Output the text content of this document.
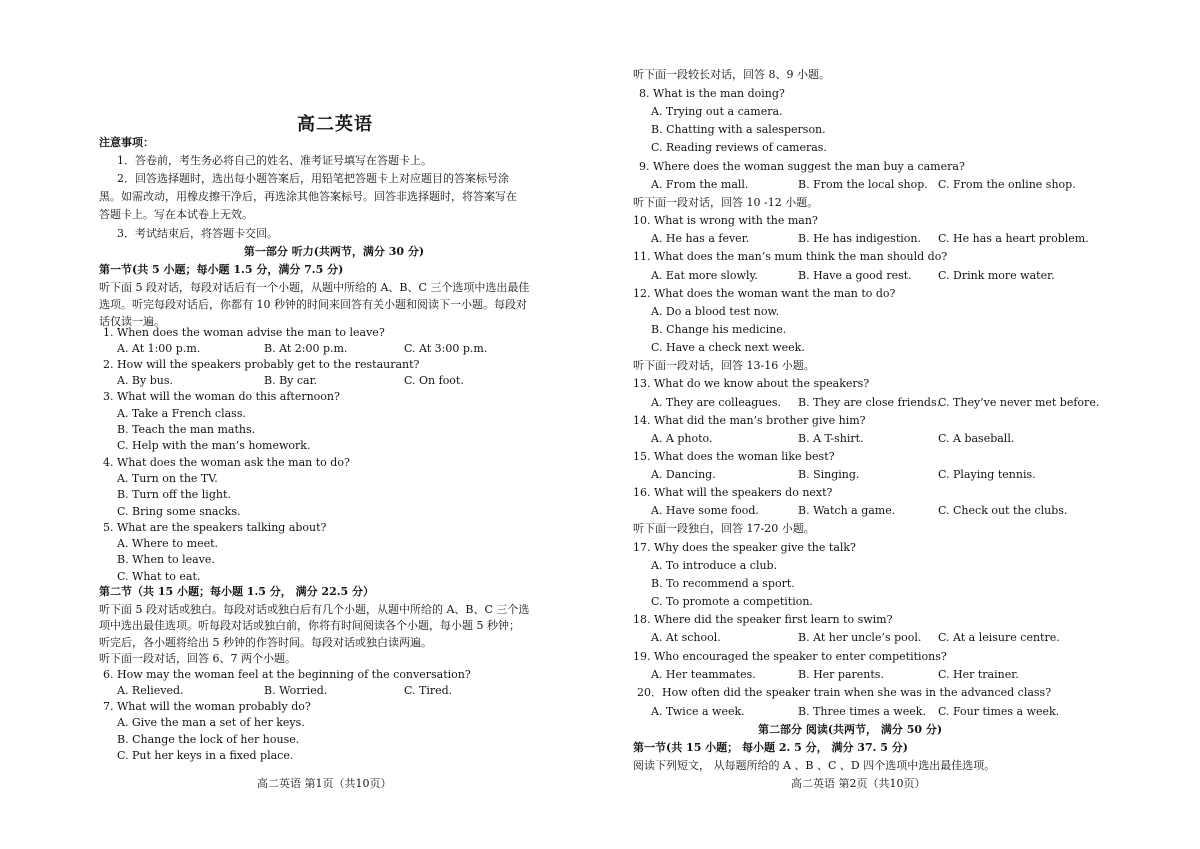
高二英语
注意事项：
1．答卷前，考生务必将自己的姓名、准考证号填写在答题卡上。
2．回答选择题时，选出每小题答案后，用铅笔把答题卡上对应题目的答案标号涂
黑。如需改动，用橡皮擦干净后，再选涂其他答案标号。回答非选择题时，将答案写在
答题卡上。写在本试卷上无效。
3．考试结束后，将答题卡交回。
第一部分 听力(共两节，满分 30 分)
第一节(共 5 小题；每小题 1.5 分，满分 7.5 分)
听下面 5 段对话，每段对话后有一个小题，从题中所给的 A、B、C 三个选项中选出最佳
选项。听完每段对话后，你都有 10 秒钟的时间来回答有关小题和阅读下一小题。每段对
话仅读一遍。
1. When does the woman advise the man to leave?
A. At 1:00 p.m.	B. At 2:00 p.m.	C. At 3:00 p.m.
2. How will the speakers probably get to the restaurant?
A. By bus.	B. By car.	C. On foot.
3. What will the woman do this afternoon?
A. Take a French class.
B. Teach the man maths.
C. Help with the man’s homework.
4. What does the woman ask the man to do?
A. Turn on the TV.
B. Turn off the light.
C. Bring some snacks.
5. What are the speakers talking about?
A. Where to meet.
B. When to leave.
C. What to eat.
第二节（共 15 小题；每小题 1.5 分， 满分 22.5 分）
听下面 5 段对话或独白。每段对话或独白后有几个小题，从题中所给的 A、B、C 三个选
项中选出最佳选项。听每段对话或独白前，你将有时间阅读各个小题，每小题 5 秒钟；
听完后，各小题将给出 5 秒钟的作答时间。每段对话或独白读两遍。
听下面一段对话，回答 6、7 两个小题。
6. How may the woman feel at the beginning of the conversation?
A. Relieved.	B. Worried.	C. Tired.
7. What will the woman probably do?
A. Give the man a set of her keys.
B. Change the lock of her house.
C. Put her keys in a fixed place.
高二英语 第1页（共10页）
听下面一段较长对话，回答 8、9 小题。
8. What is the man doing?
A. Trying out a camera.
B. Chatting with a salesperson.
C. Reading reviews of cameras.
9. Where does the woman suggest the man buy a camera?
A. From the mall.	B. From the local shop. C. From the online shop.
听下面一段对话，回答 10 -12 小题。
10. What is wrong with the man?
A. He has a fever.	B. He has indigestion. C. He has a heart problem.
11. What does the man’s mum think the man should do?
A. Eat more slowly.	B. Have a good rest. C. Drink more water.
12. What does the woman want the man to do?
A. Do a blood test now.
B. Change his medicine.
C. Have a check next week.
听下面一段对话，回答 13-16 小题。
13. What do we know about the speakers?
A. They are colleagues. B. They are close friends.
C. They’ve never met before.
14. What did the man’s brother give him?
A. A photo.	B. A T-shirt.	C. A baseball.
15. What does the woman like best?
A. Dancing.	B. Singing.	C. Playing tennis.
16. What will the speakers do next?
A. Have some food.	B. Watch a game.	C. Check out the clubs.
听下面一段独白，回答 17-20 小题。
17. Why does the speaker give the talk?
A. To introduce a club.
B. To recommend a sport.
C. To promote a competition.
18. Where did the speaker first learn to swim?
A. At school.	B. At her uncle’s pool. C. At a leisure centre.
19. Who encouraged the speaker to enter competitions?
A. Her teammates.	B. Her parents.	C. Her trainer.
20．How often did the speaker train when she was in the advanced class?
A. Twice a week.	B. Three times a week. C. Four times a week.
第二部分 阅读(共两节， 满分 50 分)
第一节(共 15 小题； 每小题 2. 5 分， 满分 37. 5 分)
阅读下列短文， 从每题所给的 A 、B 、C 、D 四个选项中选出最佳选项。
高二英语 第2页（共10页）
